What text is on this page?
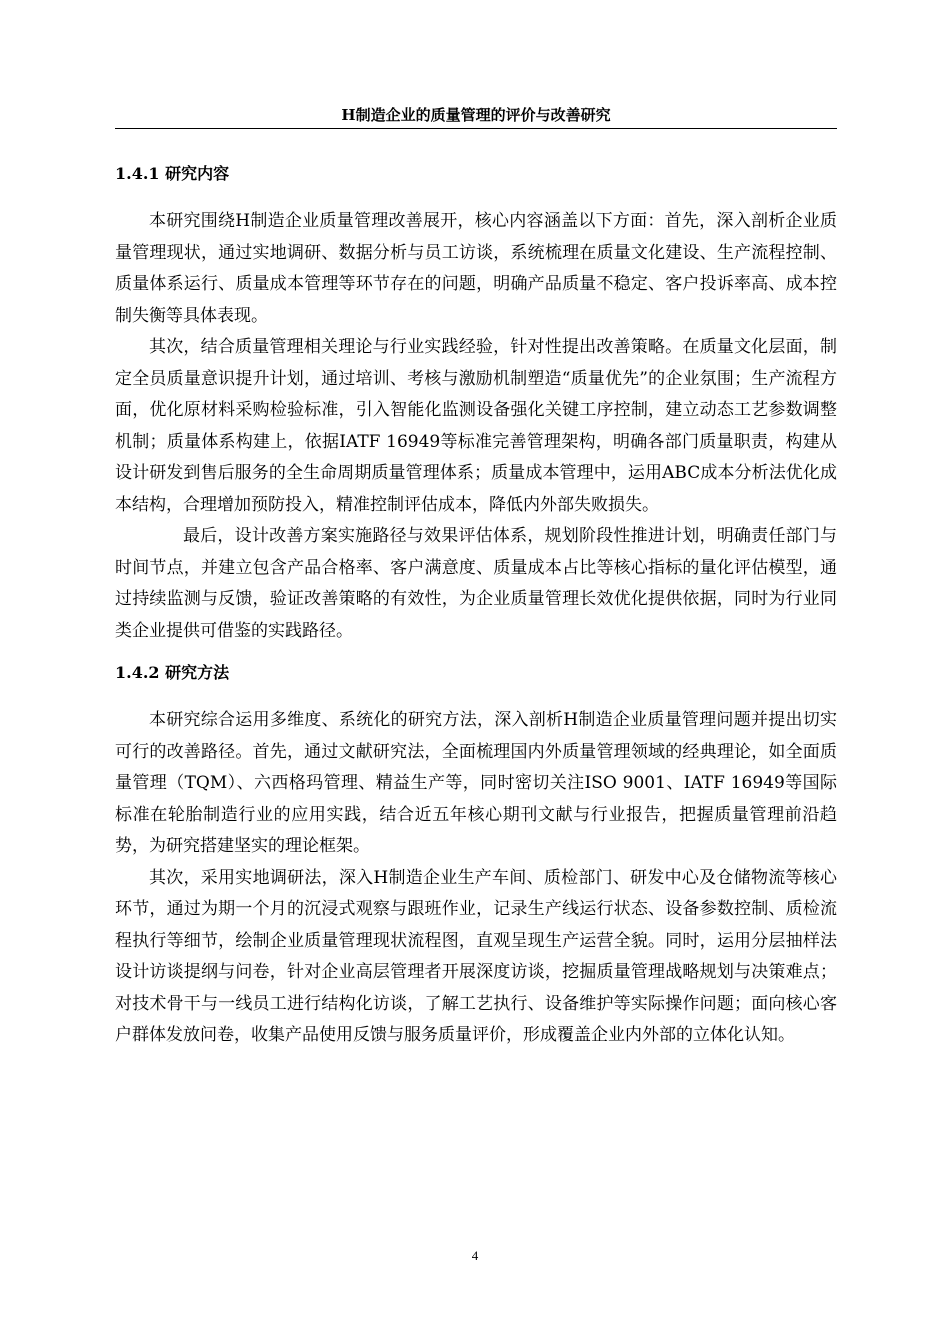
H制造企业的质量管理的评价与改善研究
1.4.1 研究内容

本研究围绕H制造企业质量管理改善展开，核心内容涵盖以下方面：首先，深入剖析企业质量管理现状，通过实地调研、数据分析与员工访谈，系统梳理在质量文化建设、生产流程控制、质量体系运行、质量成本管理等环节存在的问题，明确产品质量不稳定、客户投诉率高、成本控制失衡等具体表现。

其次，结合质量管理相关理论与行业实践经验，针对性提出改善策略。在质量文化层面，制定全员质量意识提升计划，通过培训、考核与激励机制塑造“质量优先”的企业氛围；生产流程方面，优化原材料采购检验标准，引入智能化监测设备强化关键工序控制，建立动态工艺参数调整机制；质量体系构建上，依据IATF 16949等标准完善管理架构，明确各部门质量职责，构建从设计研发到售后服务的全生命周期质量管理体系；质量成本管理中，运用ABC成本分析法优化成本结构，合理增加预防投入，精准控制评估成本，降低内外部失败损失。

最后，设计改善方案实施路径与效果评估体系，规划阶段性推进计划，明确责任部门与时间节点，并建立包含产品合格率、客户满意度、质量成本占比等核心指标的量化评估模型，通过持续监测与反馈，验证改善策略的有效性，为企业质量管理长效优化提供依据，同时为行业同类企业提供可借鉴的实践路径。

1.4.2 研究方法

本研究综合运用多维度、系统化的研究方法，深入剖析H制造企业质量管理问题并提出切实可行的改善路径。首先，通过文献研究法，全面梳理国内外质量管理领域的经典理论，如全面质量管理（TQM）、六西格玛管理、精益生产等，同时密切关注ISO 9001、IATF 16949等国际标准在轮胎制造行业的应用实践，结合近五年核心期刊文献与行业报告，把握质量管理前沿趋势，为研究搭建坚实的理论框架。

其次，采用实地调研法，深入H制造企业生产车间、质检部门、研发中心及仓储物流等核心环节，通过为期一个月的沉浸式观察与跟班作业，记录生产线运行状态、设备参数控制、质检流程执行等细节，绘制企业质量管理现状流程图，直观呈现生产运营全貌。同时，运用分层抽样法设计访谈提纲与问卷，针对企业高层管理者开展深度访谈，挖掘质量管理战略规划与决策难点；对技术骨干与一线员工进行结构化访谈，了解工艺执行、设备维护等实际操作问题；面向核心客户群体发放问卷，收集产品使用反馈与服务质量评价，形成覆盖企业内外部的立体化认知。

4
